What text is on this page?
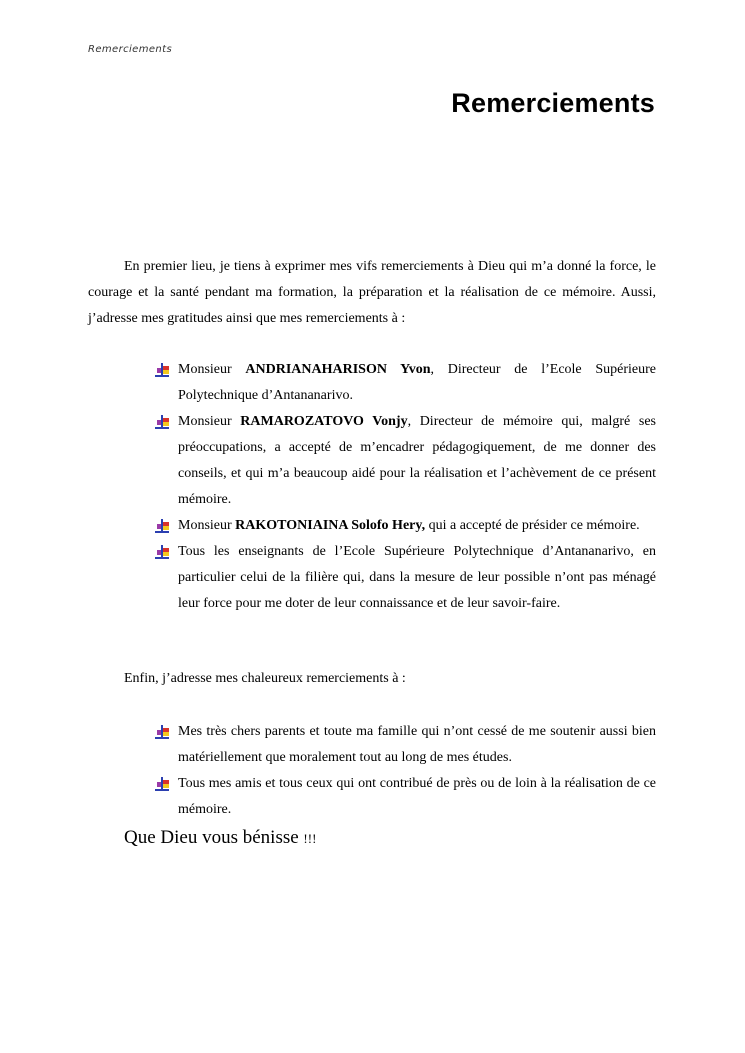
Remerciements
Remerciements

En premier lieu, je tiens à exprimer mes vifs remerciements à Dieu qui m’a donné la force, le courage et la santé pendant ma formation, la préparation et la réalisation de ce mémoire. Aussi, j’adresse mes gratitudes ainsi que mes remerciements à :

Monsieur ANDRIANAHARISON Yvon, Directeur de l’Ecole Supérieure Polytechnique d’Antananarivo.
Monsieur RAMAROZATOVO Vonjy, Directeur de mémoire qui, malgré ses préoccupations, a accepté de m’encadrer pédagogiquement, de me donner des conseils, et qui m’a beaucoup aidé pour la réalisation et l’achèvement de ce présent mémoire.
Monsieur RAKOTONIAINA Solofo Hery, qui a accepté de présider ce mémoire.
Tous les enseignants de l’Ecole Supérieure Polytechnique d’Antananarivo, en particulier celui de la filière qui, dans la mesure de leur possible n’ont pas ménagé leur force pour me doter de leur connaissance et de leur savoir-faire.

Enfin, j’adresse mes chaleureux remerciements à :

Mes très chers parents et toute ma famille qui n’ont cessé de me soutenir aussi bien matériellement que moralement tout au long de mes études.
Tous mes amis et tous ceux qui ont contribué de près ou de loin à la réalisation de ce mémoire.

Que Dieu vous bénisse !!!
